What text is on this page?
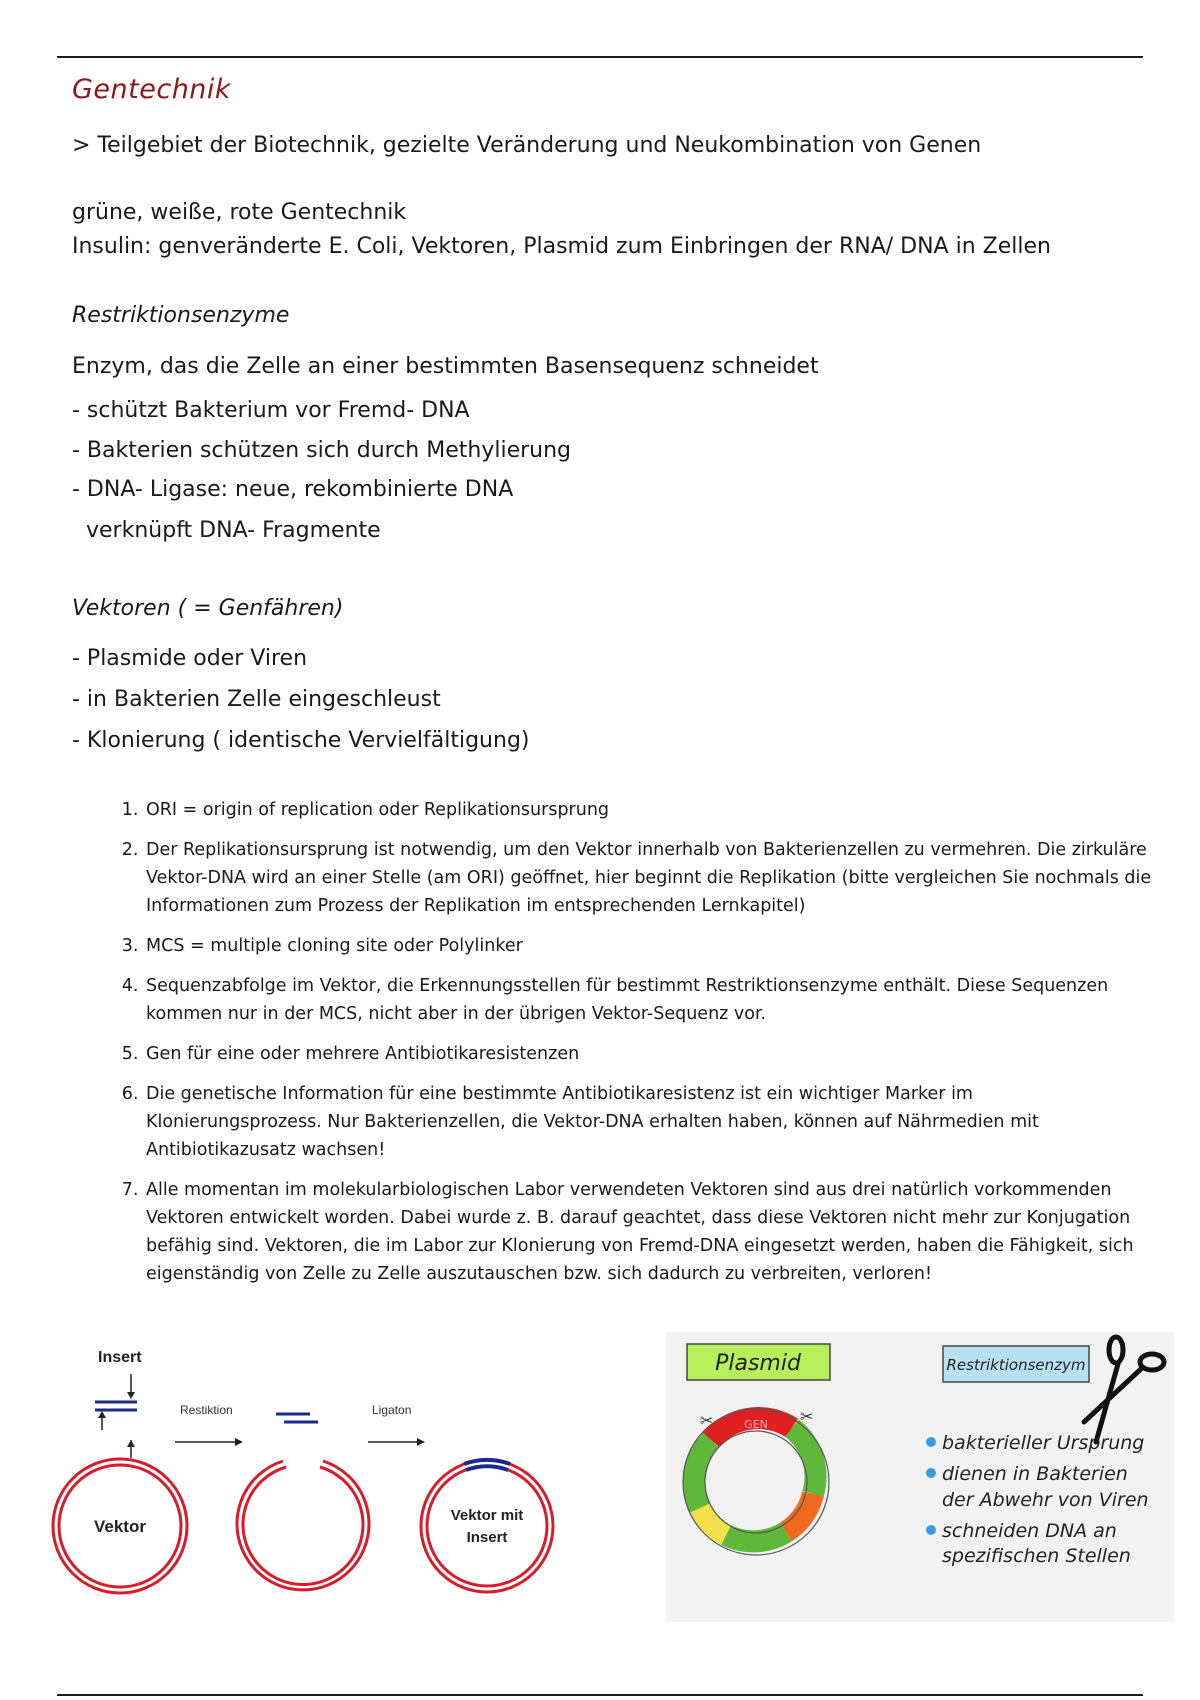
Gentechnik
> Teilgebiet der Biotechnik, gezielte Veränderung und Neukombination von Genen
grüne, weiße, rote Gentechnik
Insulin: genveränderte E. Coli, Vektoren, Plasmid zum Einbringen der RNA/ DNA in Zellen
Restriktionsenzyme
Enzym, das die Zelle an einer bestimmten Basensequenz schneidet
- schützt Bakterium vor Fremd- DNA
- Bakterien schützen sich durch Methylierung
- DNA- Ligase: neue, rekombinierte DNA
verknüpft DNA- Fragmente
Vektoren ( = Genfähren)
- Plasmide oder Viren
- in Bakterien Zelle eingeschleust
- Klonierung ( identische Vervielfältigung)
1. ORI = origin of replication oder Replikationsursprung
2. Der Replikationsursprung ist notwendig, um den Vektor innerhalb von Bakterienzellen zu vermehren. Die zirkuläre Vektor-DNA wird an einer Stelle (am ORI) geöffnet, hier beginnt die Replikation (bitte vergleichen Sie nochmals die Informationen zum Prozess der Replikation im entsprechenden Lernkapitel)
3. MCS = multiple cloning site oder Polylinker
4. Sequenzabfolge im Vektor, die Erkennungsstellen für bestimmt Restriktionsenzyme enthält. Diese Sequenzen kommen nur in der MCS, nicht aber in der übrigen Vektor-Sequenz vor.
5. Gen für eine oder mehrere Antibiotikaresistenzen
6. Die genetische Information für eine bestimmte Antibiotikaresistenz ist ein wichtiger Marker im Klonierungsprozess. Nur Bakterienzellen, die Vektor-DNA erhalten haben, können auf Nährmedien mit Antibiotikazusatz wachsen!
7. Alle momentan im molekularbiologischen Labor verwendeten Vektoren sind aus drei natürlich vorkommenden Vektoren entwickelt worden. Dabei wurde z. B. darauf geachtet, dass diese Vektoren nicht mehr zur Konjugation befähig sind. Vektoren, die im Labor zur Klonierung von Fremd-DNA eingesetzt werden, haben die Fähigkeit, sich eigenständig von Zelle zu Zelle auszutauschen bzw. sich dadurch zu verbreiten, verloren!
Insert
Vektor
Restiktion	Ligaton
Vektor mit
Insert
Plasmid
GEN
✂	✂
Restriktionsenzym
bakterieller Ursprung
dienen in Bakterien
der Abwehr von Viren
schneiden DNA an
spezifischen Stellen
